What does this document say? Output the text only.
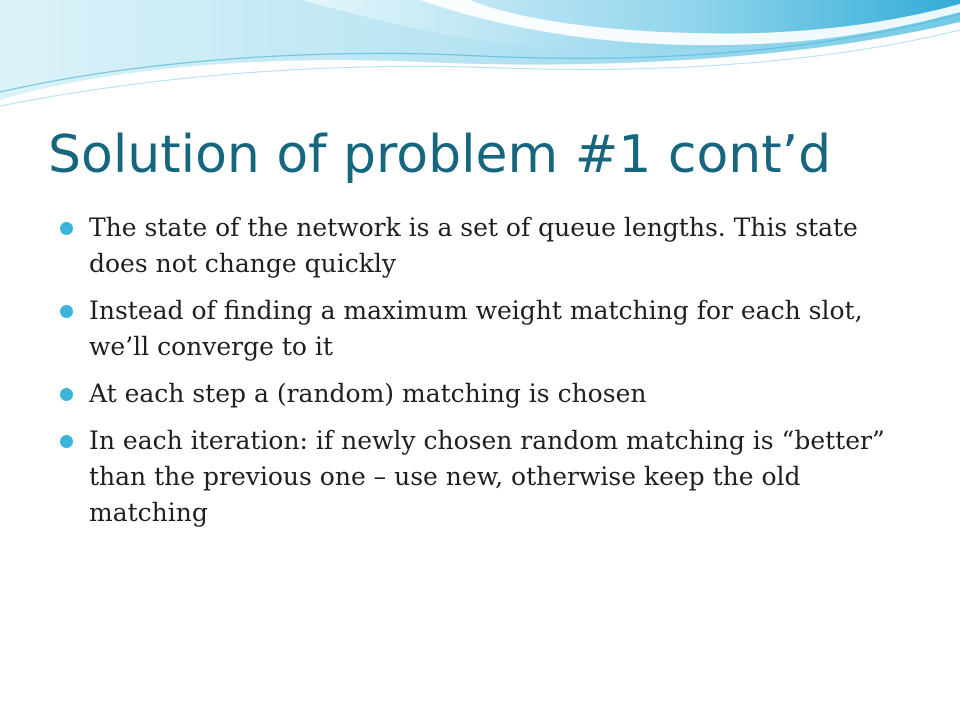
Solution of problem #1 cont’d
The state of the network is a set of queue lengths. This state does not change quickly
Instead of finding a maximum weight matching for each slot, we’ll converge to it
At each step a (random) matching is chosen
In each iteration: if newly chosen random matching is “better” than the previous one – use new, otherwise keep the old matching
